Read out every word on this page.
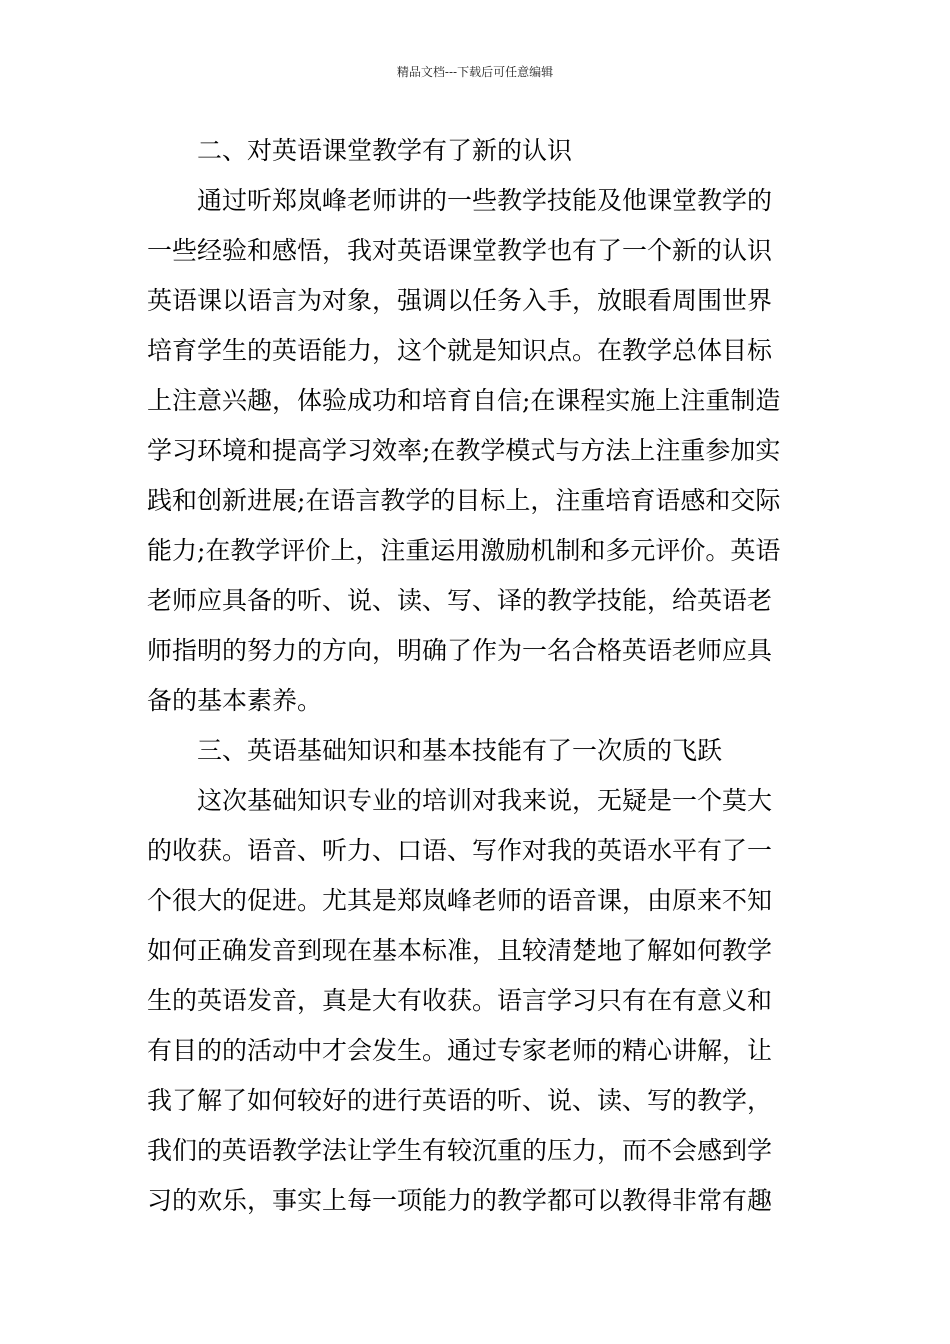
精品文档---下载后可任意编辑
二、对英语课堂教学有了新的认识
通过听郑岚峰老师讲的一些教学技能及他课堂教学的
一些经验和感悟，我对英语课堂教学也有了一个新的认识
英语课以语言为对象，强调以任务入手，放眼看周围世界
培育学生的英语能力，这个就是知识点。在教学总体目标
上注意兴趣，体验成功和培育自信;在课程实施上注重制造
学习环境和提高学习效率;在教学模式与方法上注重参加实
践和创新进展;在语言教学的目标上，注重培育语感和交际
能力;在教学评价上，注重运用激励机制和多元评价。英语
老师应具备的听、说、读、写、译的教学技能，给英语老
师指明的努力的方向，明确了作为一名合格英语老师应具
备的基本素养。
三、英语基础知识和基本技能有了一次质的飞跃
这次基础知识专业的培训对我来说，无疑是一个莫大
的收获。语音、听力、口语、写作对我的英语水平有了一
个很大的促进。尤其是郑岚峰老师的语音课，由原来不知
如何正确发音到现在基本标准，且较清楚地了解如何教学
生的英语发音，真是大有收获。语言学习只有在有意义和
有目的的活动中才会发生。通过专家老师的精心讲解，让
我了解了如何较好的进行英语的听、说、读、写的教学，
我们的英语教学法让学生有较沉重的压力，而不会感到学
习的欢乐，事实上每一项能力的教学都可以教得非常有趣
